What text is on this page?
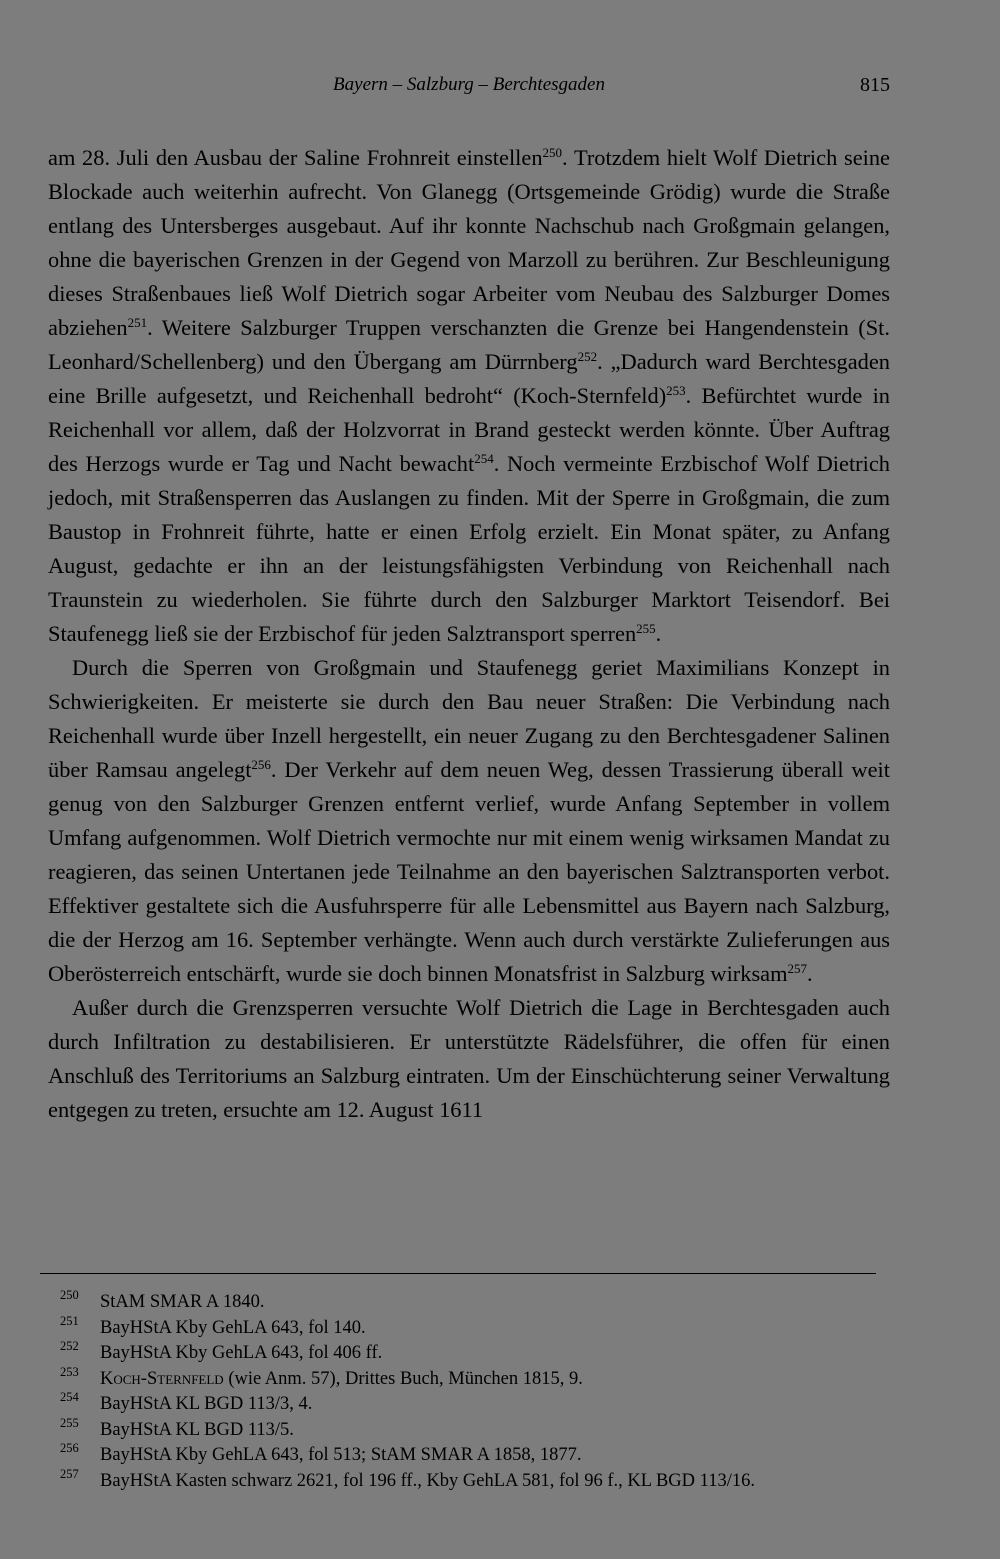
Bayern – Salzburg – Berchtesgaden	815

am 28. Juli den Ausbau der Saline Frohnreit einstellen$^{250}$. Trotzdem hielt Wolf Dietrich seine Blockade auch weiterhin aufrecht. Von Glanegg (Ortsgemeinde Grödig) wurde die Straße entlang des Untersberges ausgebaut. Auf ihr konnte Nachschub nach Großgmain gelangen, ohne die bayerischen Grenzen in der Gegend von Marzoll zu berühren. Zur Beschleunigung dieses Straßenbaues ließ Wolf Dietrich sogar Arbeiter vom Neubau des Salzburger Domes abziehen$^{251}$. Weitere Salzburger Truppen verschanzten die Grenze bei Hangendenstein (St. Leonhard/Schellenberg) und den Übergang am Dürrnberg$^{252}$. „Dadurch ward Berchtesgaden eine Brille aufgesetzt, und Reichenhall bedroht“ (Koch-Sternfeld)$^{253}$. Befürchtet wurde in Reichenhall vor allem, daß der Holzvorrat in Brand gesteckt werden könnte. Über Auftrag des Herzogs wurde er Tag und Nacht bewacht$^{254}$. Noch vermeinte Erzbischof Wolf Dietrich jedoch, mit Straßensperren das Auslangen zu finden. Mit der Sperre in Großgmain, die zum Baustop in Frohnreit führte, hatte er einen Erfolg erzielt. Ein Monat später, zu Anfang August, gedachte er ihn an der leistungsfähigsten Verbindung von Reichenhall nach Traunstein zu wiederholen. Sie führte durch den Salzburger Marktort Teisendorf. Bei Staufenegg ließ sie der Erzbischof für jeden Salztransport sperren$^{255}$.

Durch die Sperren von Großgmain und Staufenegg geriet Maximilians Konzept in Schwierigkeiten. Er meisterte sie durch den Bau neuer Straßen: Die Verbindung nach Reichenhall wurde über Inzell hergestellt, ein neuer Zugang zu den Berchtesgadener Salinen über Ramsau angelegt$^{256}$. Der Verkehr auf dem neuen Weg, dessen Trassierung überall weit genug von den Salzburger Grenzen entfernt verlief, wurde Anfang September in vollem Umfang aufgenommen. Wolf Dietrich vermochte nur mit einem wenig wirksamen Mandat zu reagieren, das seinen Untertanen jede Teilnahme an den bayerischen Salztransporten verbot. Effektiver gestaltete sich die Ausfuhrsperre für alle Lebensmittel aus Bayern nach Salzburg, die der Herzog am 16. September verhängte. Wenn auch durch verstärkte Zulieferungen aus Oberösterreich entschärft, wurde sie doch binnen Monatsfrist in Salzburg wirksam$^{257}$.

Außer durch die Grenzsperren versuchte Wolf Dietrich die Lage in Berchtesgaden auch durch Infiltration zu destabilisieren. Er unterstützte Rädelsführer, die offen für einen Anschluß des Territoriums an Salzburg eintraten. Um der Einschüchterung seiner Verwaltung entgegen zu treten, ersuchte am 12. August 1611

250	StAM SMAR A 1840.
251	BayHStA Kby GehLA 643, fol 140.
252	BayHStA Kby GehLA 643, fol 406 ff.
253	Koch-Sternfeld (wie Anm. 57), Drittes Buch, München 1815, 9.
254	BayHStA KL BGD 113/3, 4.
255	BayHStA KL BGD 113/5.
256	BayHStA Kby GehLA 643, fol 513; StAM SMAR A 1858, 1877.
257	BayHStA Kasten schwarz 2621, fol 196 ff., Kby GehLA 581, fol 96 f., KL BGD 113/16.
